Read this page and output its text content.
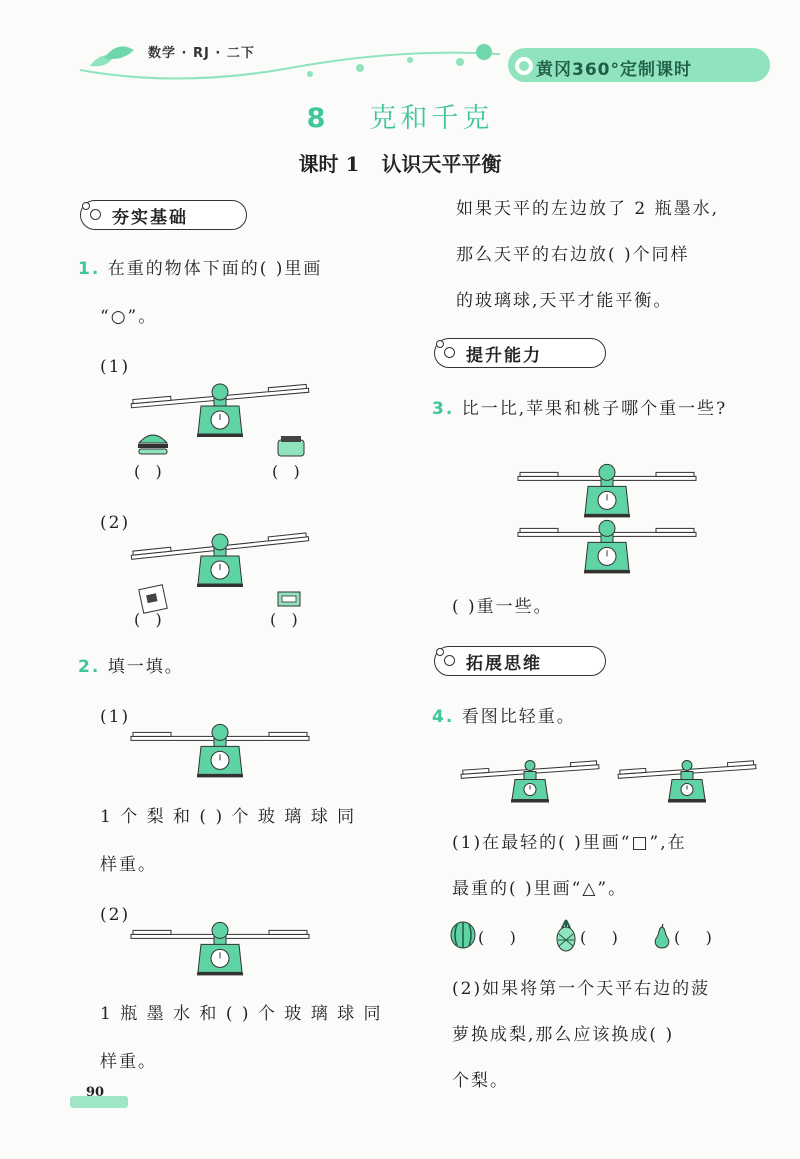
数学 · RJ · 二下
黄冈360°定制课时
8 克和千克
课时 1 认识天平平衡
夯实基础
1. 在重的物体下面的( )里画
“○”。
(1)
(   )	(   )
(2)
(   )	(   )
2. 填一填。
(1)
1 个 梨 和 ( ) 个 玻 璃 球 同
样重。
(2)
1 瓶 墨 水 和 ( ) 个 玻 璃 球 同
样重。
90
如果天平的左边放了 2 瓶墨水,
那么天平的右边放( )个同样
的玻璃球,天平才能平衡。
提升能力
3. 比一比,苹果和桃子哪个重一些?
( )重一些。
拓展思维
4. 看图比轻重。
(1)在最轻的( )里画“□”,在
最重的( )里画“△”。
(     )	(     )	(     )
(2)如果将第一个天平右边的菠
萝换成梨,那么应该换成( )
个梨。
